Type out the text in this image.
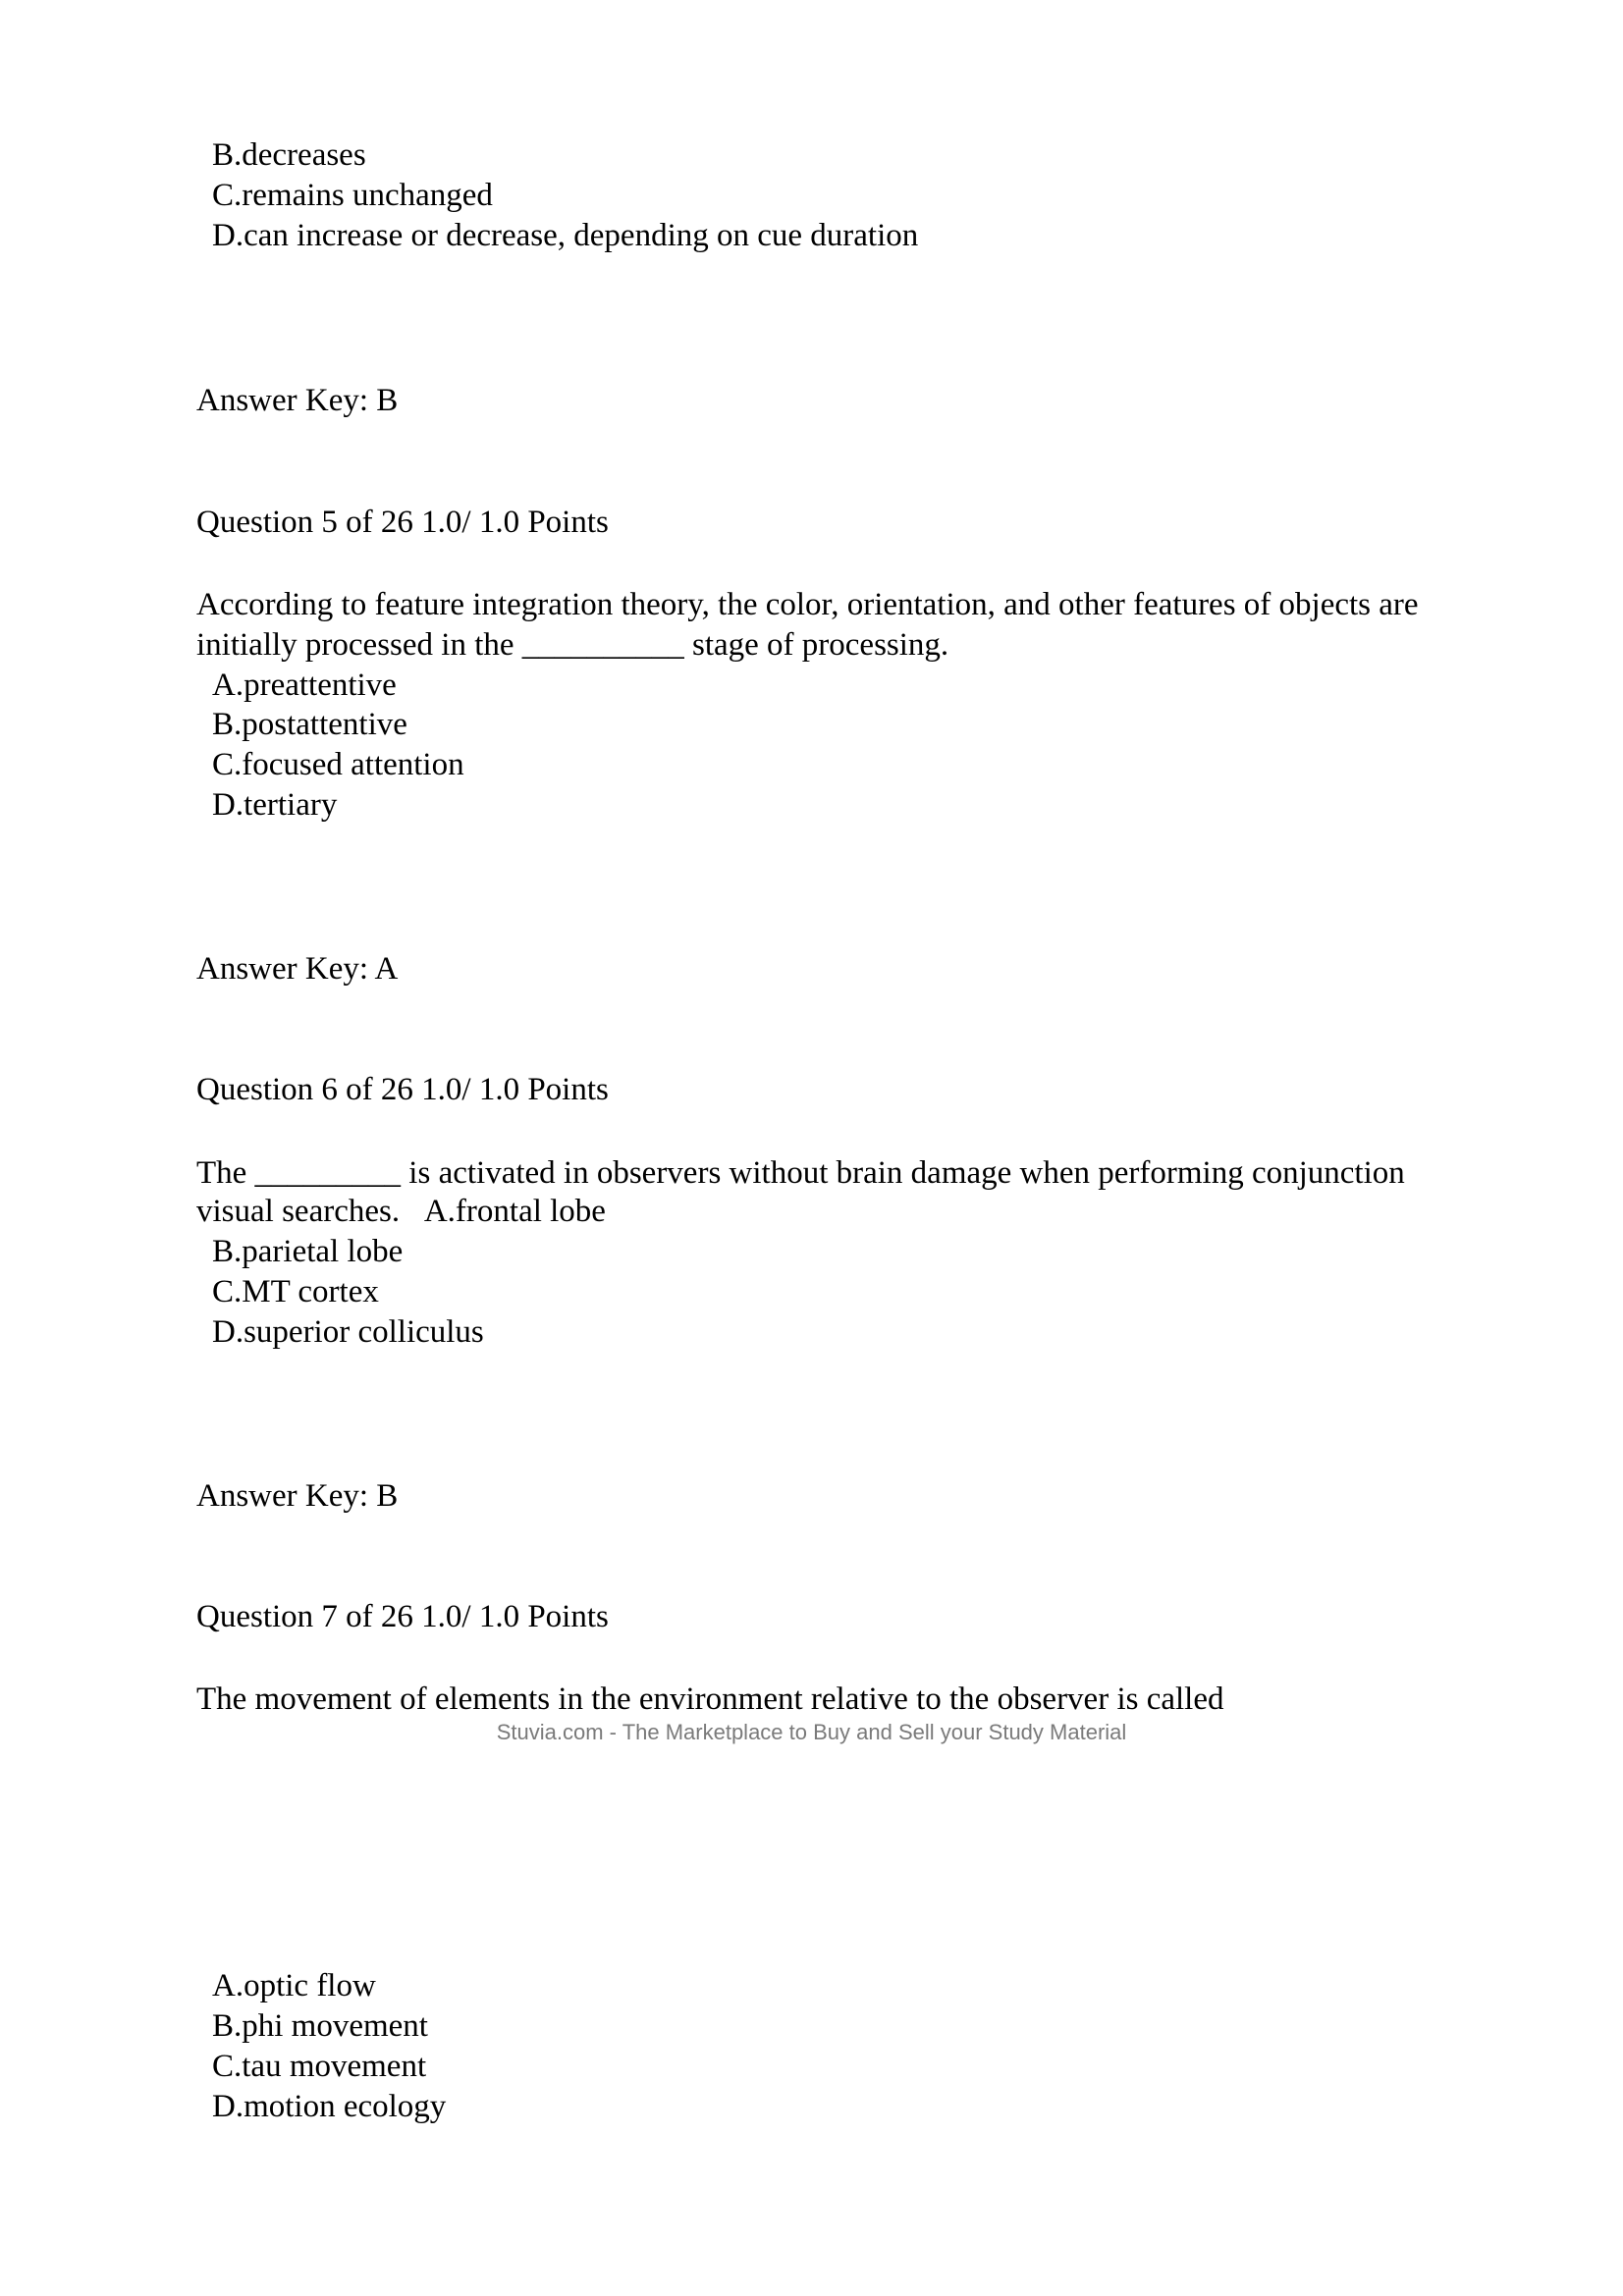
B.decreases
C.remains unchanged
D.can increase or decrease, depending on cue duration
Answer Key: B
Question 5 of 26 1.0/ 1.0 Points
According to feature integration theory, the color, orientation, and other features of objects are
initially processed in the __________ stage of processing.
A.preattentive
B.postattentive
C.focused attention
D.tertiary
Answer Key: A
Question 6 of 26 1.0/ 1.0 Points
The _________ is activated in observers without brain damage when performing conjunction
visual searches.   A.frontal lobe
B.parietal lobe
C.MT cortex
D.superior colliculus
Answer Key: B
Question 7 of 26 1.0/ 1.0 Points
The movement of elements in the environment relative to the observer is called
Stuvia.com - The Marketplace to Buy and Sell your Study Material
A.optic flow
B.phi movement
C.tau movement
D.motion ecology
